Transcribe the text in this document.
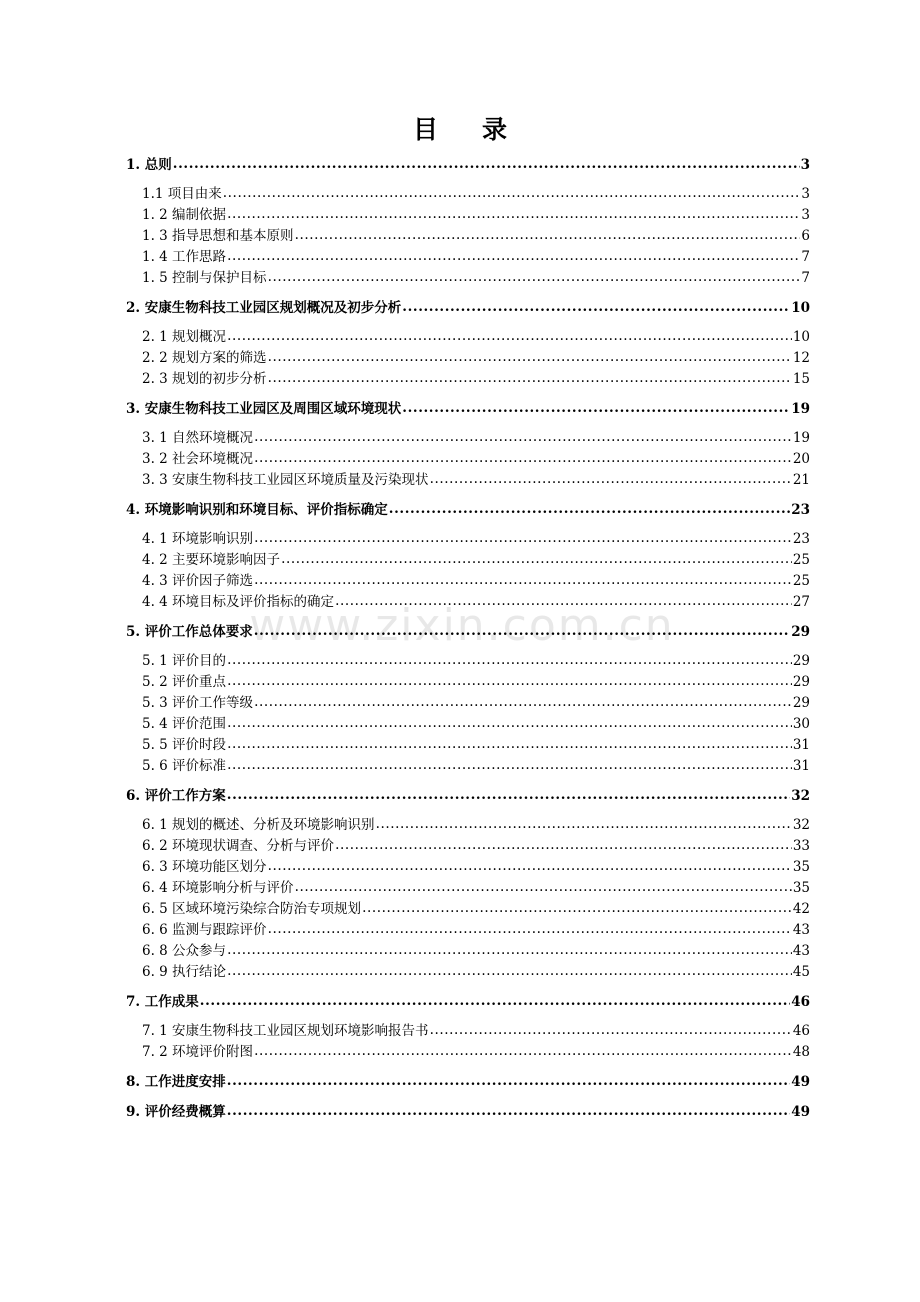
目 录
www.zixin.com.cn
1. 总则 .....	3
1.1 项目由来 .....	3
1. 2 编制依据 .....	3
1. 3 指导思想和基本原则 .....	6
1. 4 工作思路 .....	7
1. 5 控制与保护目标 .....	7
2. 安康生物科技工业园区规划概况及初步分析 .....	10
2. 1 规划概况 .....	10
2. 2 规划方案的筛选 .....	12
2. 3 规划的初步分析 .....	15
3. 安康生物科技工业园区及周围区域环境现状 .....	19
3. 1 自然环境概况 .....	19
3. 2 社会环境概况 .....	20
3. 3 安康生物科技工业园区环境质量及污染现状 .....	21
4. 环境影响识别和环境目标、评价指标确定 .....	23
4. 1 环境影响识别 .....	23
4. 2 主要环境影响因子 .....	25
4. 3 评价因子筛选 .....	25
4. 4 环境目标及评价指标的确定 .....	27
5. 评价工作总体要求 .....	29
5. 1 评价目的 .....	29
5. 2 评价重点 .....	29
5. 3 评价工作等级 .....	29
5. 4 评价范围 .....	30
5. 5 评价时段 .....	31
5. 6 评价标准 .....	31
6. 评价工作方案 .....	32
6. 1 规划的概述、分析及环境影响识别 .....	32
6. 2 环境现状调查、分析与评价 .....	33
6. 3 环境功能区划分 .....	35
6. 4 环境影响分析与评价 .....	35
6. 5 区域环境污染综合防治专项规划 .....	42
6. 6 监测与跟踪评价 .....	43
6. 8 公众参与 .....	43
6. 9 执行结论 .....	45
7. 工作成果 .....	46
7. 1 安康生物科技工业园区规划环境影响报告书 .....	46
7. 2 环境评价附图 .....	48
8. 工作进度安排 .....	49
9. 评价经费概算 .....	49
